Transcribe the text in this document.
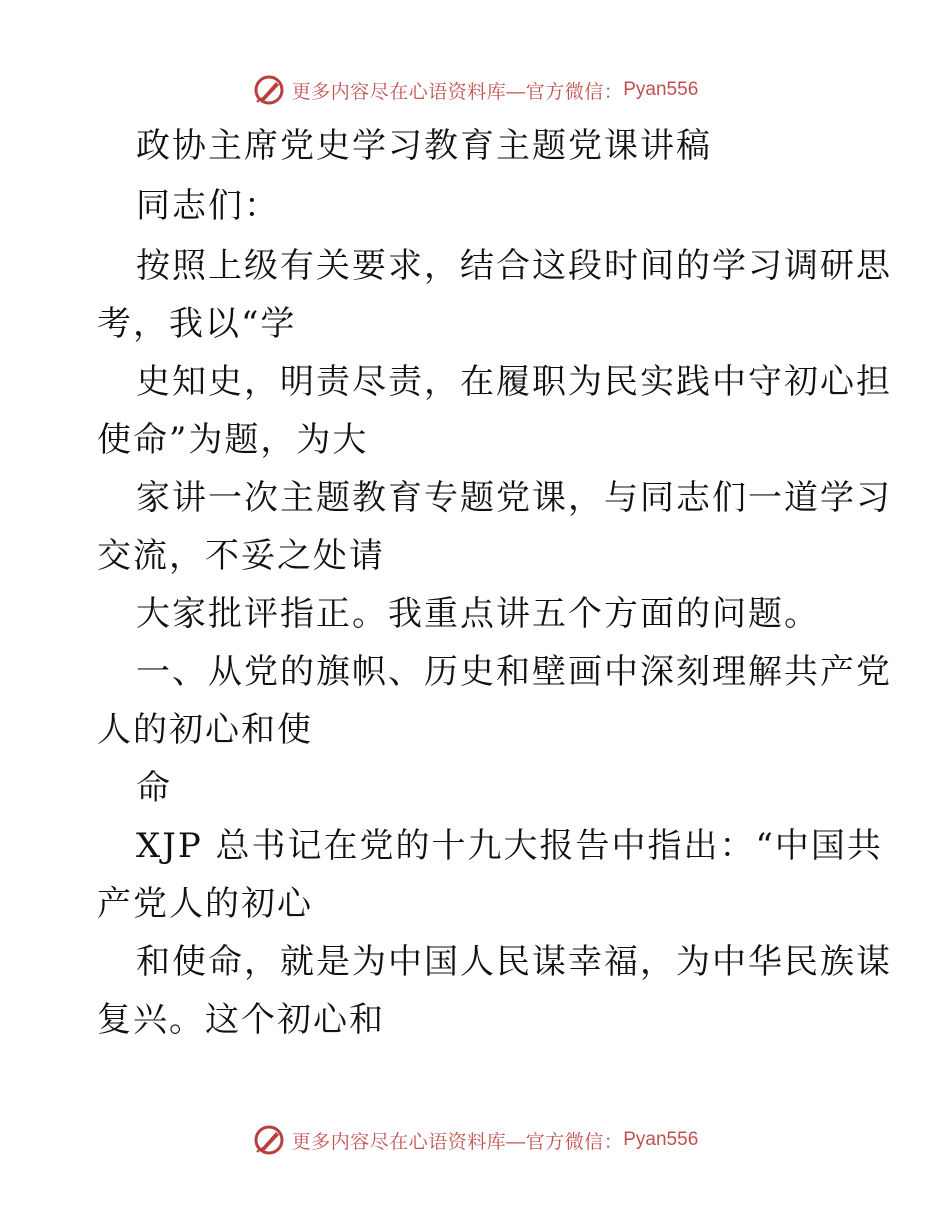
更多内容尽在心语资料库—官方微信： Pyan556
政协主席党史学习教育主题党课讲稿
同志们：
按照上级有关要求，结合这段时间的学习调研思
考，我以“学
史知史，明责尽责，在履职为民实践中守初心担
使命”为题，为大
家讲一次主题教育专题党课，与同志们一道学习
交流，不妥之处请
大家批评指正。我重点讲五个方面的问题。
一、从党的旗帜、历史和壁画中深刻理解共产党
人的初心和使
命
XJP 总书记在党的十九大报告中指出：“中国共
产党人的初心
和使命，就是为中国人民谋幸福，为中华民族谋
复兴。这个初心和
更多内容尽在心语资料库—官方微信： Pyan556
